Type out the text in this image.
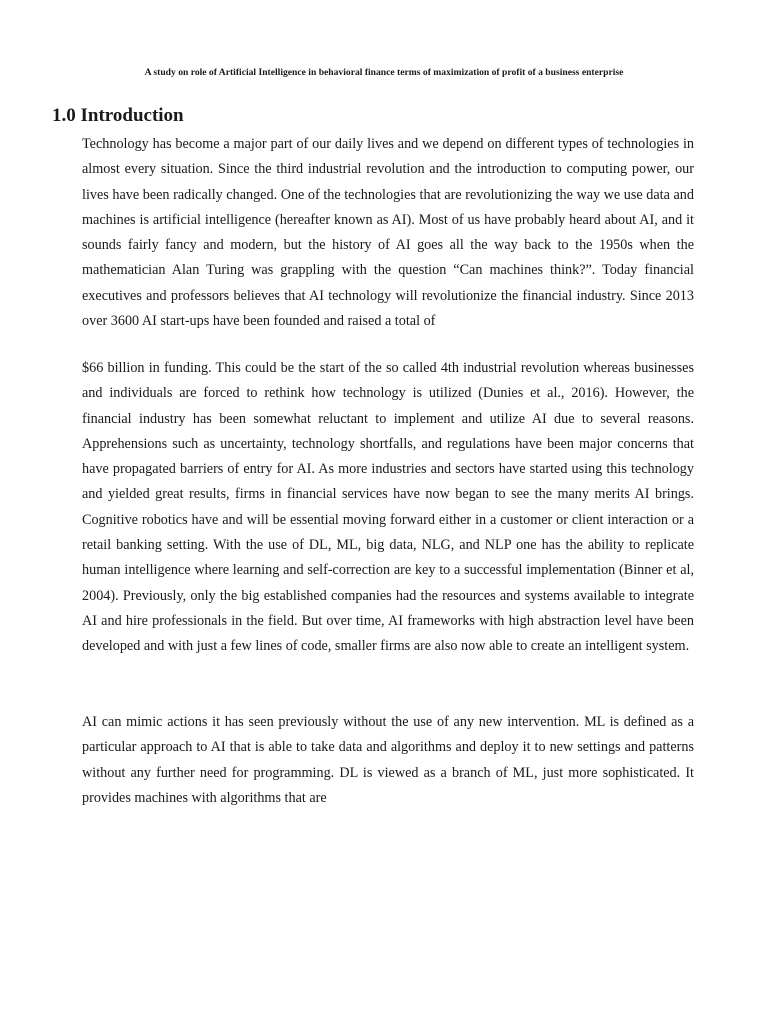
A study on role of Artificial Intelligence in behavioral finance terms of maximization of profit of a business enterprise
1.0 Introduction

Technology has become a major part of our daily lives and we depend on different types of technologies in almost every situation. Since the third industrial revolution and the introduction to computing power, our lives have been radically changed. One of the technologies that are revolutionizing the way we use data and machines is artificial intelligence (hereafter known as AI). Most of us have probably heard about AI, and it sounds fairly fancy and modern, but the history of AI goes all the way back to the 1950s when the mathematician Alan Turing was grappling with the question “Can machines think?”. Today financial executives and professors believes that AI technology will revolutionize the financial industry. Since 2013 over 3600 AI start-ups have been founded and raised a total of

$66 billion in funding. This could be the start of the so called 4th industrial revolution whereas businesses and individuals are forced to rethink how technology is utilized (Dunies et al., 2016). However, the financial industry has been somewhat reluctant to implement and utilize AI due to several reasons. Apprehensions such as uncertainty, technology shortfalls, and regulations have been major concerns that have propagated barriers of entry for AI. As more industries and sectors have started using this technology and yielded great results, firms in financial services have now began to see the many merits AI brings. Cognitive robotics have and will be essential moving forward either in a customer or client interaction or a retail banking setting. With the use of DL, ML, big data, NLG, and NLP one has the ability to replicate human intelligence where learning and self-correction are key to a successful implementation (Binner et al, 2004). Previously, only the big established companies had the resources and systems available to integrate AI and hire professionals in the field. But over time, AI frameworks with high abstraction level have been developed and with just a few lines of code, smaller firms are also now able to create an intelligent system.

AI can mimic actions it has seen previously without the use of any new intervention. ML is defined as a particular approach to AI that is able to take data and algorithms and deploy it to new settings and patterns without any further need for programming. DL is viewed as a branch of ML, just more sophisticated. It provides machines with algorithms that are
